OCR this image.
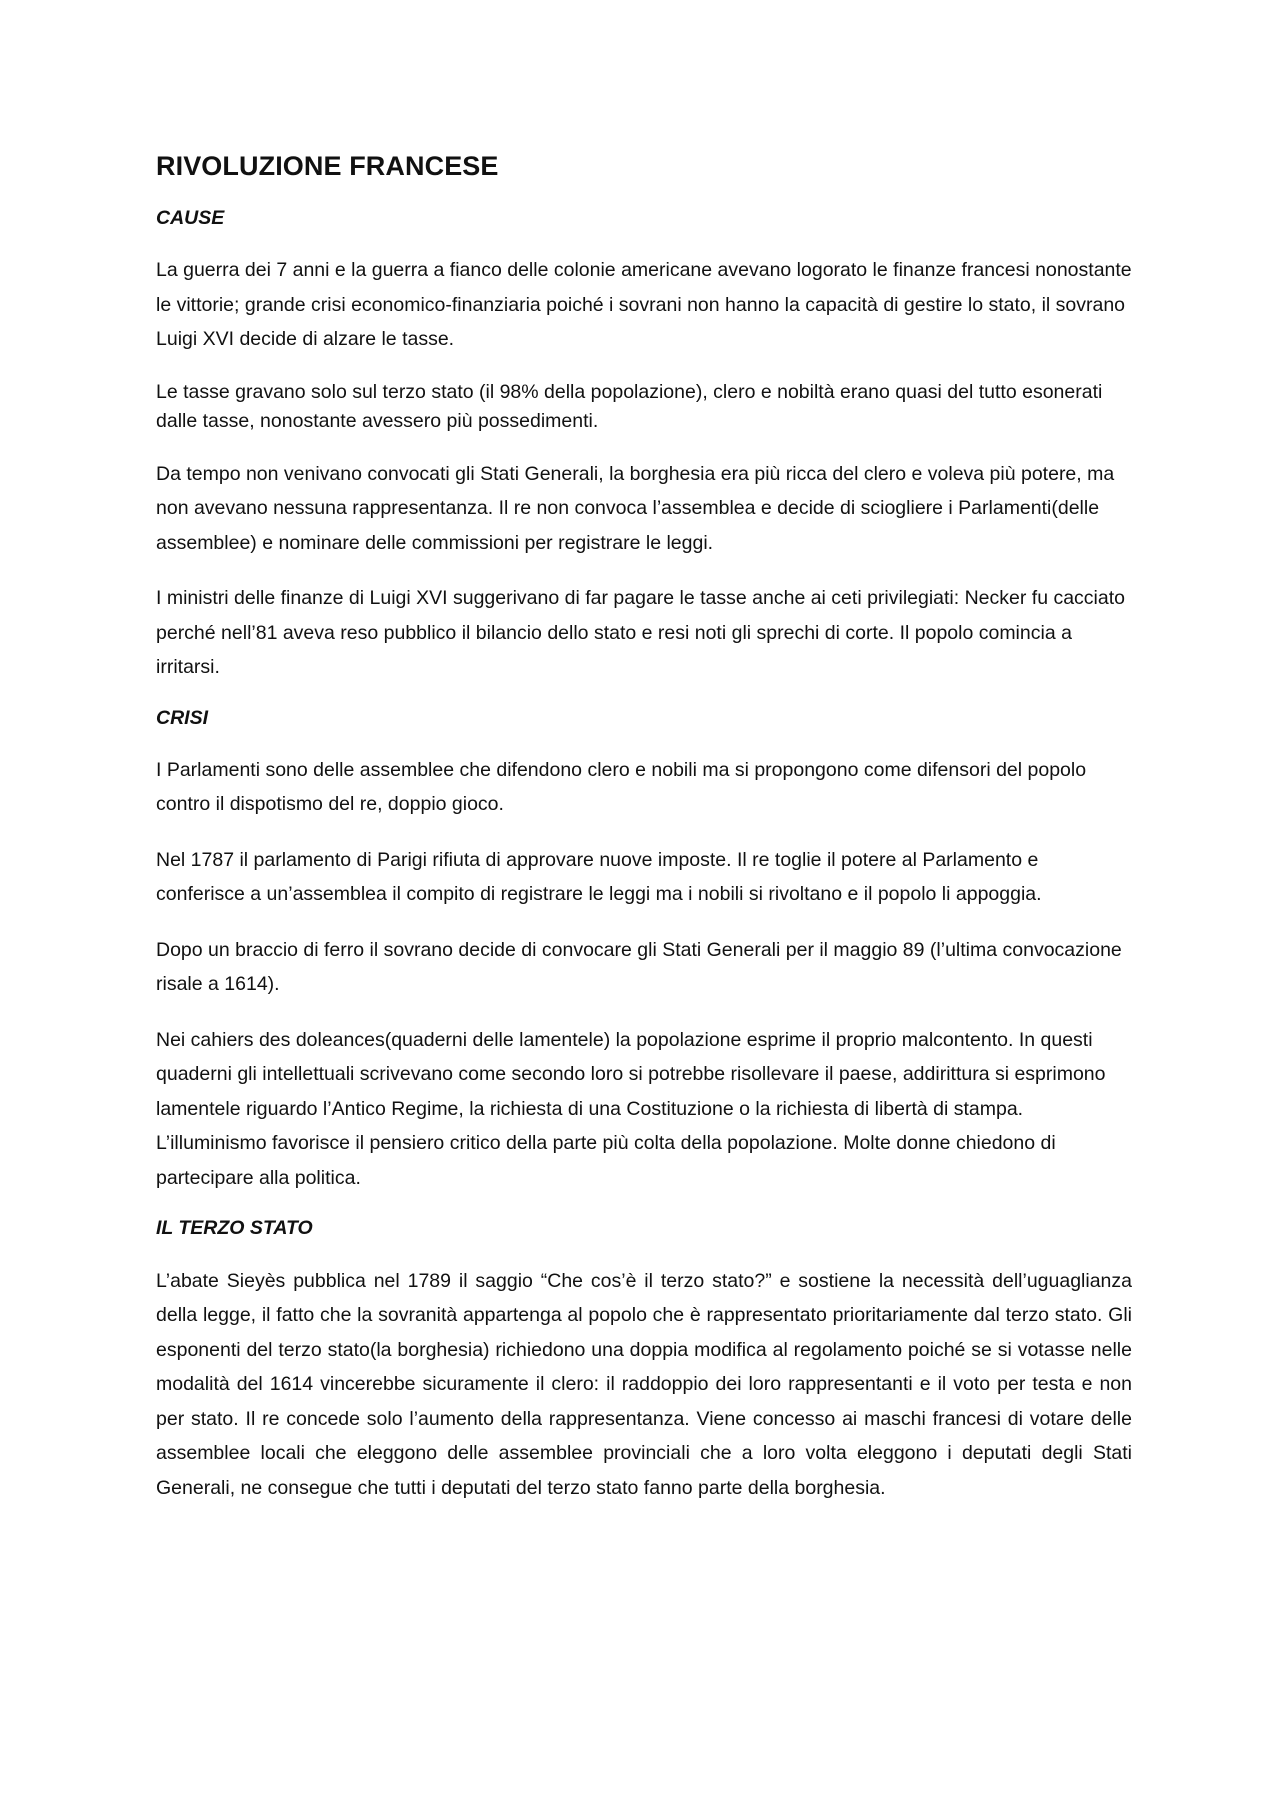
RIVOLUZIONE FRANCESE
CAUSE

La guerra dei 7 anni e la guerra a fianco delle colonie americane avevano logorato le finanze francesi nonostante le vittorie; grande crisi economico-finanziaria poiché i sovrani non hanno la capacità di gestire lo stato, il sovrano Luigi XVI decide di alzare le tasse.

Le tasse gravano solo sul terzo stato (il 98% della popolazione), clero e nobiltà erano quasi del tutto esonerati dalle tasse, nonostante avessero più possedimenti.

Da tempo non venivano convocati gli Stati Generali, la borghesia era più ricca del clero e voleva più potere, ma non avevano nessuna rappresentanza. Il re non convoca l’assemblea e decide di sciogliere i Parlamenti(delle assemblee) e nominare delle commissioni per registrare le leggi.

I ministri delle finanze di Luigi XVI suggerivano di far pagare le tasse anche ai ceti privilegiati: Necker fu cacciato perché nell’81 aveva reso pubblico il bilancio dello stato e resi noti gli sprechi di corte. Il popolo comincia a irritarsi.

CRISI

I Parlamenti sono delle assemblee che difendono clero e nobili ma si propongono come difensori del popolo contro il dispotismo del re, doppio gioco.

Nel 1787 il parlamento di Parigi rifiuta di approvare nuove imposte. Il re toglie il potere al Parlamento e conferisce a un’assemblea il compito di registrare le leggi ma i nobili si rivoltano e il popolo li appoggia.

Dopo un braccio di ferro il sovrano decide di convocare gli Stati Generali per il maggio 89 (l’ultima convocazione risale a 1614).

Nei cahiers des doleances(quaderni delle lamentele) la popolazione esprime il proprio malcontento. In questi quaderni gli intellettuali scrivevano come secondo loro si potrebbe risollevare il paese, addirittura si esprimono lamentele riguardo l’Antico Regime, la richiesta di una Costituzione o la richiesta di libertà di stampa. L’illuminismo favorisce il pensiero critico della parte più colta della popolazione. Molte donne chiedono di partecipare alla politica.

IL TERZO STATO

L’abate Sieyès pubblica nel 1789 il saggio “Che cos’è il terzo stato?” e sostiene la necessità dell’uguaglianza della legge, il fatto che la sovranità appartenga al popolo che è rappresentato prioritariamente dal terzo stato. Gli esponenti del terzo stato(la borghesia) richiedono una doppia modifica al regolamento poiché se si votasse nelle modalità del 1614 vincerebbe sicuramente il clero: il raddoppio dei loro rappresentanti e il voto per testa e non per stato. Il re concede solo l’aumento della rappresentanza. Viene concesso ai maschi francesi di votare delle assemblee locali che eleggono delle assemblee provinciali che a loro volta eleggono i deputati degli Stati Generali, ne consegue che tutti i deputati del terzo stato fanno parte della borghesia.
